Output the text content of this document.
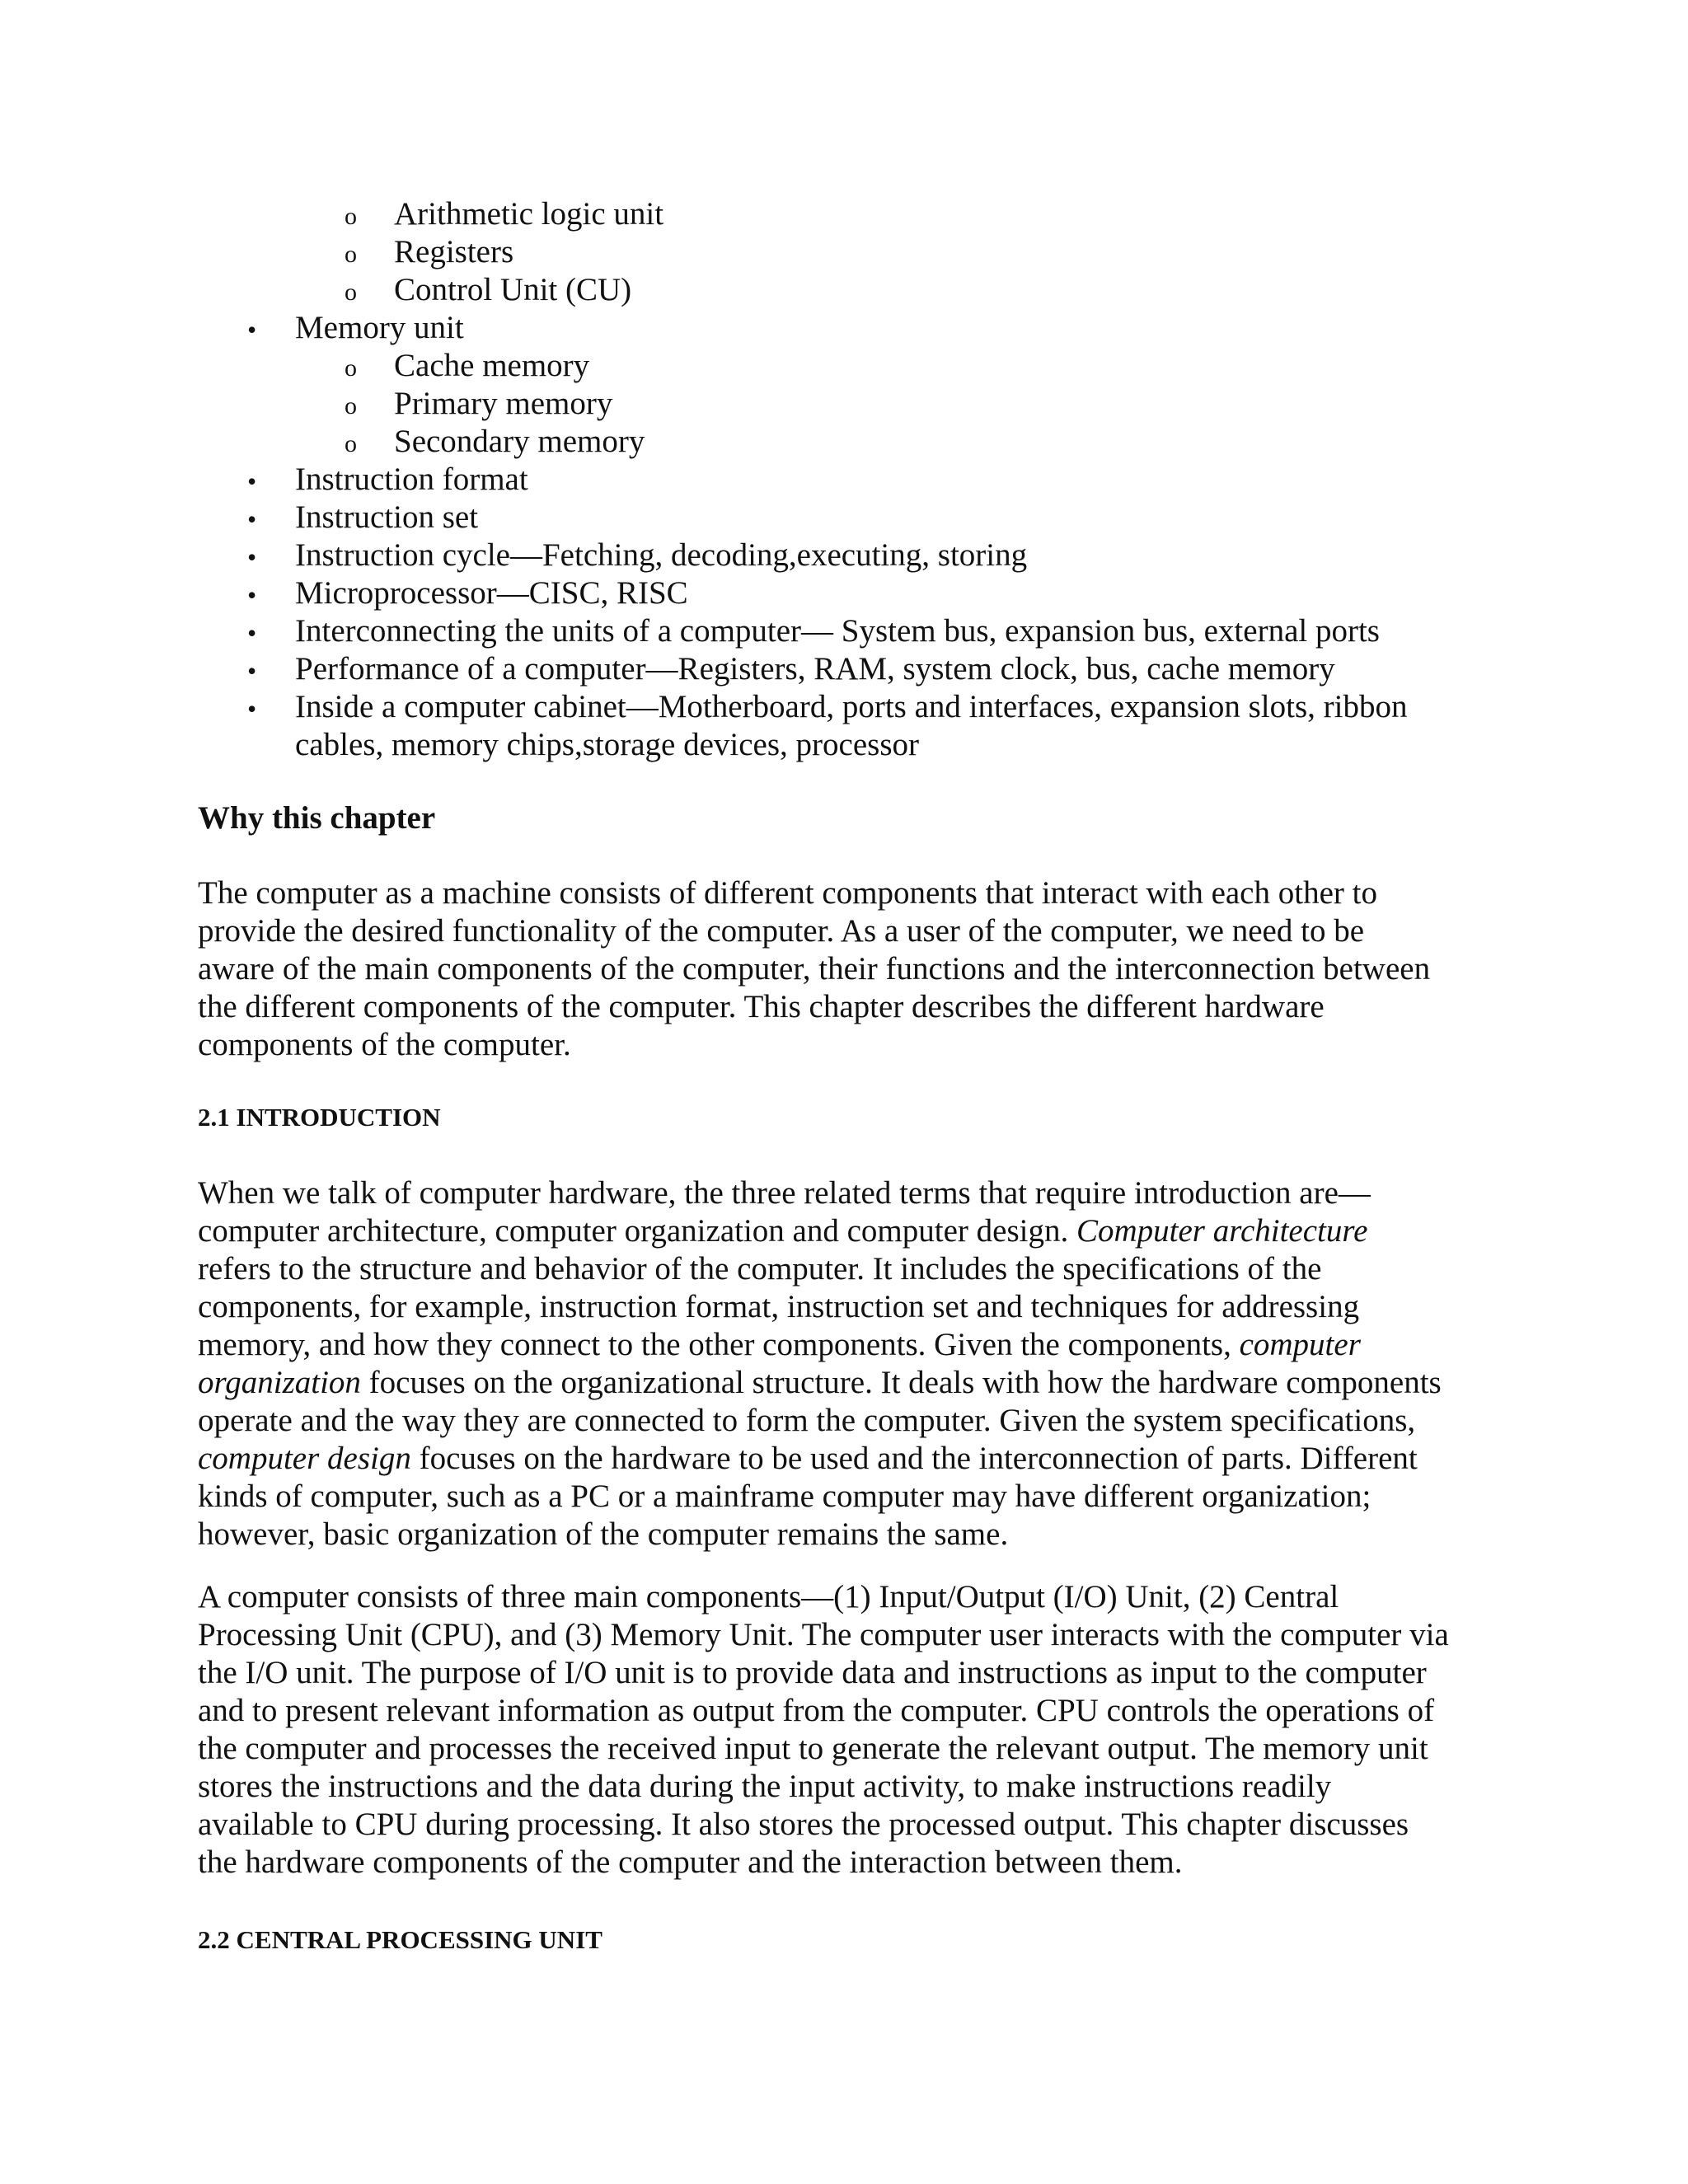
o Arithmetic logic unit
o Registers
o Control Unit (CU)
• Memory unit
o Cache memory
o Primary memory
o Secondary memory
• Instruction format
• Instruction set
• Instruction cycle—Fetching, decoding,executing, storing
• Microprocessor—CISC, RISC
• Interconnecting the units of a computer— System bus, expansion bus, external ports
• Performance of a computer—Registers, RAM, system clock, bus, cache memory
• Inside a computer cabinet—Motherboard, ports and interfaces, expansion slots, ribbon
cables, memory chips,storage devices, processor
Why this chapter
The computer as a machine consists of different components that interact with each other to
provide the desired functionality of the computer. As a user of the computer, we need to be
aware of the main components of the computer, their functions and the interconnection between
the different components of the computer. This chapter describes the different hardware
components of the computer.
2.1 INTRODUCTION
When we talk of computer hardware, the three related terms that require introduction are—
computer architecture, computer organization and computer design. Computer architecture
refers to the structure and behavior of the computer. It includes the specifications of the
components, for example, instruction format, instruction set and techniques for addressing
memory, and how they connect to the other components. Given the components, computer
organization focuses on the organizational structure. It deals with how the hardware components
operate and the way they are connected to form the computer. Given the system specifications,
computer design focuses on the hardware to be used and the interconnection of parts. Different
kinds of computer, such as a PC or a mainframe computer may have different organization;
however, basic organization of the computer remains the same.
A computer consists of three main components—(1) Input/Output (I/O) Unit, (2) Central
Processing Unit (CPU), and (3) Memory Unit. The computer user interacts with the computer via
the I/O unit. The purpose of I/O unit is to provide data and instructions as input to the computer
and to present relevant information as output from the computer. CPU controls the operations of
the computer and processes the received input to generate the relevant output. The memory unit
stores the instructions and the data during the input activity, to make instructions readily
available to CPU during processing. It also stores the processed output. This chapter discusses
the hardware components of the computer and the interaction between them.
2.2 CENTRAL PROCESSING UNIT
